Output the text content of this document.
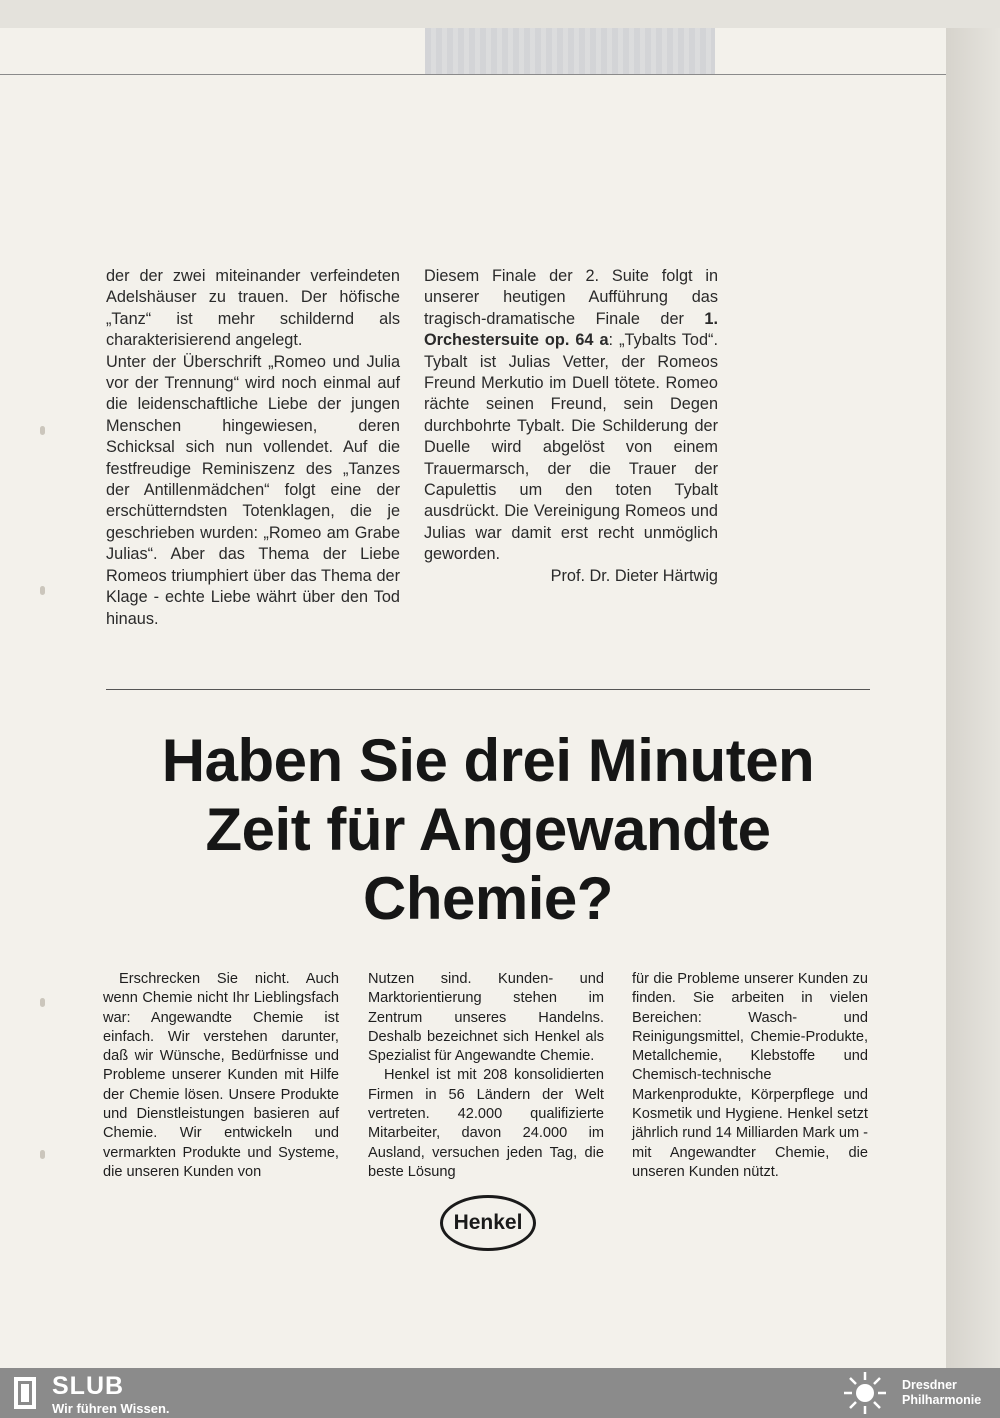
der der zwei miteinander verfeindeten Adelshäuser zu trauen. Der höfische „Tanz“ ist mehr schildernd als charakterisierend angelegt.

Unter der Überschrift „Romeo und Julia vor der Trennung“ wird noch einmal auf die leidenschaftliche Liebe der jungen Menschen hingewiesen, deren Schicksal sich nun vollendet. Auf die festfreudige Reminiszenz des „Tanzes der Antillenmädchen“ folgt eine der erschütterndsten Totenklagen, die je geschrieben wurden: „Romeo am Grabe Julias“. Aber das Thema der Liebe Romeos triumphiert über das Thema der Klage - echte Liebe währt über den Tod hinaus.

Diesem Finale der 2. Suite folgt in unserer heutigen Aufführung das tragisch-dramatische Finale der 1. Orchestersuite op. 64 a: „Tybalts Tod“. Tybalt ist Julias Vetter, der Romeos Freund Merkutio im Duell tötete. Romeo rächte seinen Freund, sein Degen durchbohrte Tybalt. Die Schilderung der Duelle wird abgelöst von einem Trauermarsch, der die Trauer der Capulettis um den toten Tybalt ausdrückt. Die Vereinigung Romeos und Julias war damit erst recht unmöglich geworden.

Prof. Dr. Dieter Härtwig

Haben Sie drei Minuten
Zeit für Angewandte
Chemie?

Erschrecken Sie nicht. Auch wenn Chemie nicht Ihr Lieblingsfach war: Angewandte Chemie ist einfach. Wir verstehen darunter, daß wir Wünsche, Bedürfnisse und Probleme unserer Kunden mit Hilfe der Chemie lösen. Unsere Produkte und Dienstleistungen basieren auf Chemie. Wir entwickeln und vermarkten Produkte und Systeme, die unseren Kunden von

Nutzen sind. Kunden- und Marktorientierung stehen im Zentrum unseres Handelns. Deshalb bezeichnet sich Henkel als Spezialist für Angewandte Chemie.

Henkel ist mit 208 konsolidierten Firmen in 56 Ländern der Welt vertreten. 42.000 qualifizierte Mitarbeiter, davon 24.000 im Ausland, versuchen jeden Tag, die beste Lösung

für die Probleme unserer Kunden zu finden. Sie arbeiten in vielen Bereichen: Wasch- und Reinigungsmittel, Chemie-Produkte, Metallchemie, Klebstoffe und Chemisch-technische Markenprodukte, Körperpflege und Kosmetik und Hygiene. Henkel setzt jährlich rund 14 Milliarden Mark um - mit Angewandter Chemie, die unseren Kunden nützt.

Henkel
SLUB
Wir führen Wissen.
Dresdner
Philharmonie
